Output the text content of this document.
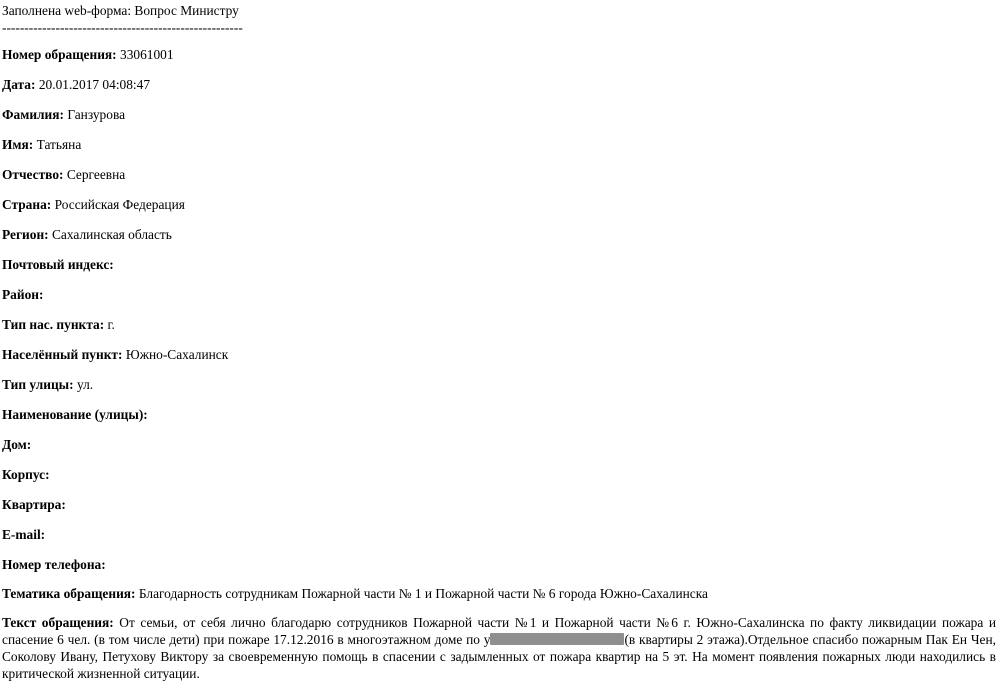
Заполнена web-форма: Вопрос Министру
------------------------------------------------------
Номер обращения: 33061001
Дата: 20.01.2017 04:08:47
Фамилия: Ганзурова
Имя: Татьяна
Отчество: Сергеевна
Страна: Российская Федерация
Регион: Сахалинская область
Почтовый индекс:
Район:
Тип нас. пункта: г.
Населённый пункт: Южно-Сахалинск
Тип улицы: ул.
Наименование (улицы):
Дом:
Корпус:
Квартира:
E-mail:
Номер телефона:
Тематика обращения: Благодарность сотрудникам Пожарной части № 1 и Пожарной части № 6 города Южно-Сахалинска
Текст обращения: От семьи, от себя лично благодарю сотрудников Пожарной части №1 и Пожарной части №6 г. Южно-Сахалинска по факту ликвидации пожара и спасение 6 чел. (в том числе дети) при пожаре 17.12.2016 в многоэтажном доме по у	(в квартиры 2 этажа).Отдельное спасибо пожарным Пак Ен Чен, Соколову Ивану, Петухову Виктору за своевременную помощь в спасении с задымленных от пожара квартир на 5 эт. На момент появления пожарных люди находились в критической жизненной ситуации.
